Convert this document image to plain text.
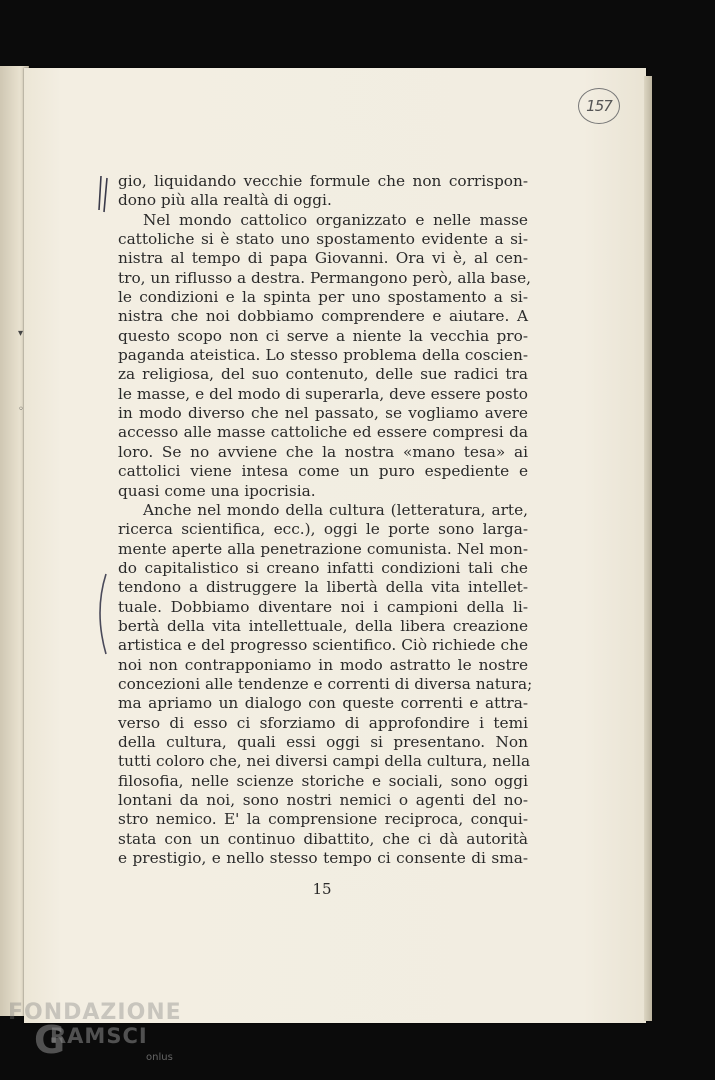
▾
◦
157
gio, liquidando vecchie formule che non corrispon-
dono più alla realtà di oggi.
Nel mondo cattolico organizzato e nelle masse
cattoliche si è stato uno spostamento evidente a si-
nistra al tempo di papa Giovanni. Ora vi è, al cen-
tro, un riflusso a destra. Permangono però, alla base,
le condizioni e la spinta per uno spostamento a si-
nistra che noi dobbiamo comprendere e aiutare. A
questo scopo non ci serve a niente la vecchia pro-
paganda ateistica. Lo stesso problema della coscien-
za religiosa, del suo contenuto, delle sue radici tra
le masse, e del modo di superarla, deve essere posto
in modo diverso che nel passato, se vogliamo avere
accesso alle masse cattoliche ed essere compresi da
loro. Se no avviene che la nostra «mano tesa» ai
cattolici viene intesa come un puro espediente e
quasi come una ipocrisia.
Anche nel mondo della cultura (letteratura, arte,
ricerca scientifica, ecc.), oggi le porte sono larga-
mente aperte alla penetrazione comunista. Nel mon-
do capitalistico si creano infatti condizioni tali che
tendono a distruggere la libertà della vita intellet-
tuale. Dobbiamo diventare noi i campioni della li-
bertà della vita intellettuale, della libera creazione
artistica e del progresso scientifico. Ciò richiede che
noi non contrapponiamo in modo astratto le nostre
concezioni alle tendenze e correnti di diversa natura;
ma apriamo un dialogo con queste correnti e attra-
verso di esso ci sforziamo di approfondire i temi
della cultura, quali essi oggi si presentano. Non
tutti coloro che, nei diversi campi della cultura, nella
filosofia, nelle scienze storiche e sociali, sono oggi
lontani da noi, sono nostri nemici o agenti del no-
stro nemico. E' la comprensione reciproca, conqui-
stata con un continuo dibattito, che ci dà autorità
e prestigio, e nello stesso tempo ci consente di sma-
15
FONDAZIONE
G
RAMSCI
onlus
